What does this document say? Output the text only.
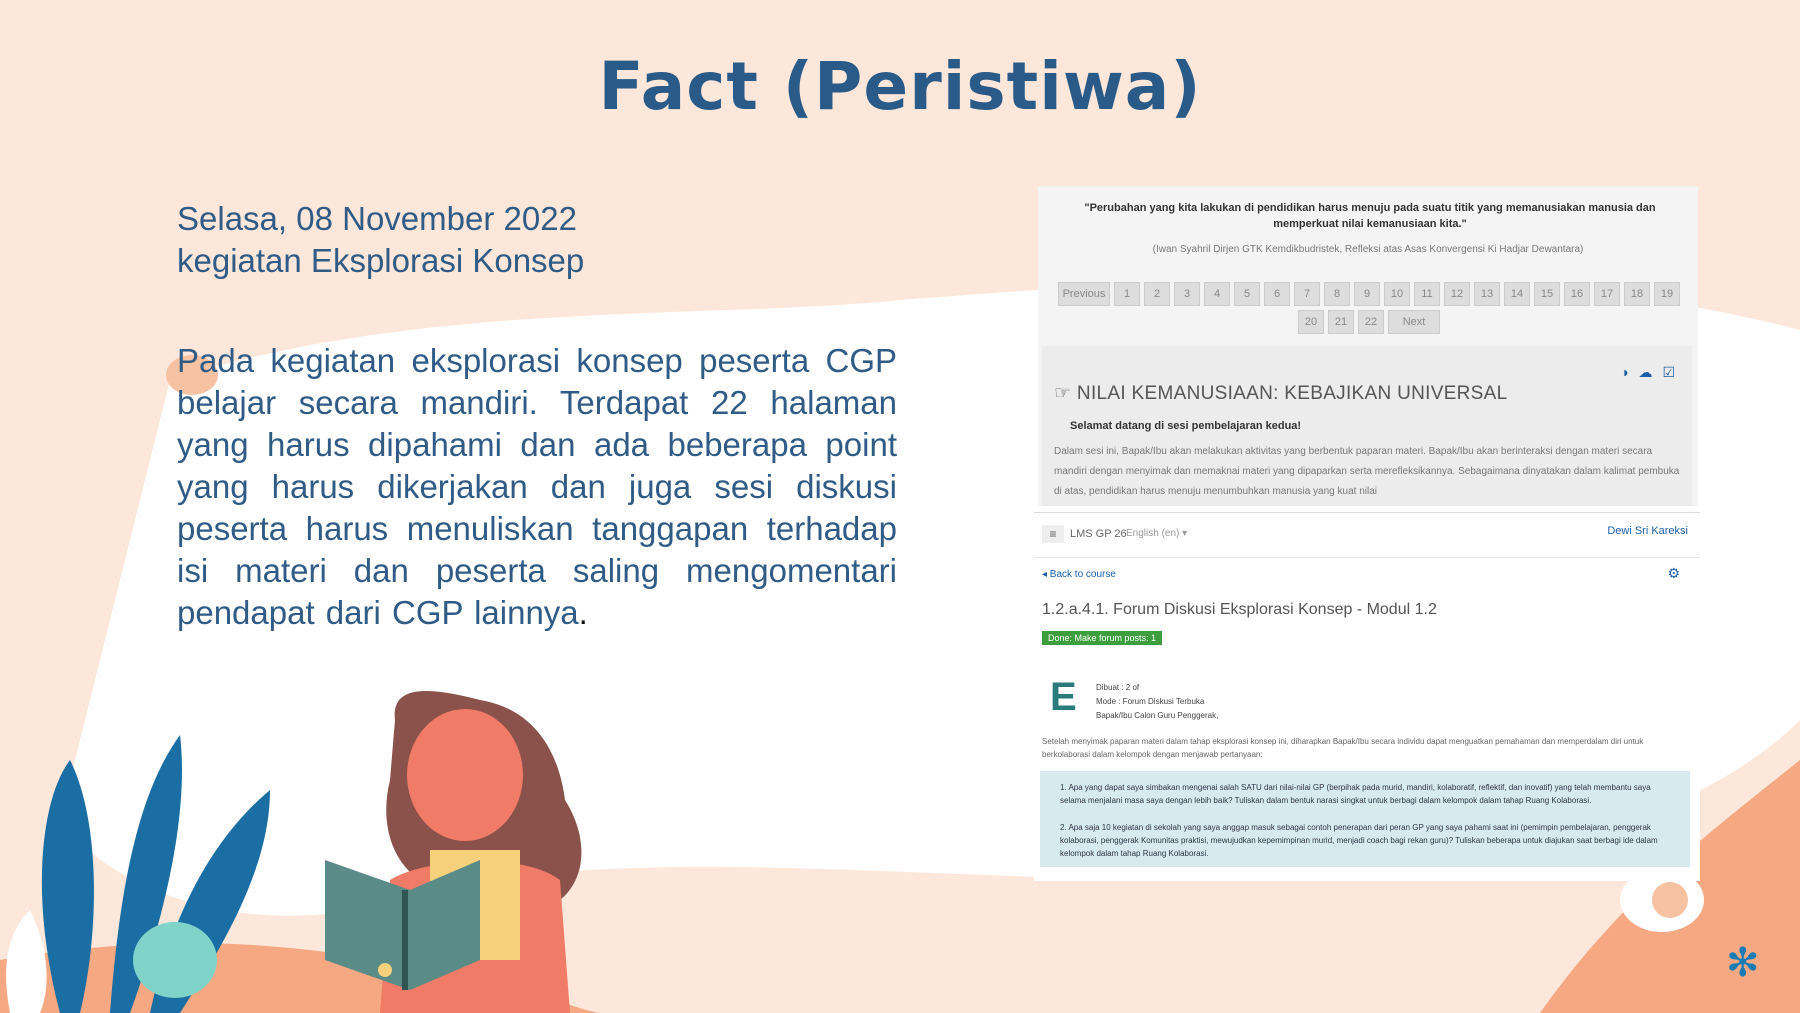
Fact (Peristiwa)
Selasa, 08 November 2022
kegiatan Eksplorasi Konsep
Pada kegiatan eksplorasi konsep peserta CGP belajar secara mandiri. Terdapat 22 halaman yang harus dipahami dan ada beberapa point yang harus dikerjakan dan juga sesi diskusi peserta harus menuliskan tanggapan terhadap isi materi dan peserta saling mengomentari pendapat dari CGP lainnya.
"Perubahan yang kita lakukan di pendidikan harus menuju pada suatu titik yang memanusiakan manusia dan memperkuat nilai kemanusiaan kita."
(Iwan Syahril Dirjen GTK Kemdikbudristek, Refleksi atas Asas Konvergensi Ki Hadjar Dewantara)
Previous	1	2	3	4	5	6	7	8	9	10	11	12	13	14	15	16	17	18	19
20	21	22	Next
◑ ☁ ☑
☞ NILAI KEMANUSIAAN: KEBAJIKAN UNIVERSAL
Selamat datang di sesi pembelajaran kedua!
Dalam sesi ini, Bapak/Ibu akan melakukan aktivitas yang berbentuk paparan materi. Bapak/Ibu akan berinteraksi dengan materi secara mandiri dengan menyimak dan memaknai materi yang dipaparkan serta merefleksikannya. Sebagaimana dinyatakan dalam kalimat pembuka di atas, pendidikan harus menuju menumbuhkan manusia yang kuat nilai
≡	LMS GP 26 English (en) ▾	Dewi Sri Kareksi
◂ Back to course	⚙
1.2.a.4.1. Forum Diskusi Eksplorasi Konsep - Modul 1.2
Done: Make forum posts: 1
E	Dibuat : 2 of
Mode : Forum Diskusi Terbuka
Bapak/Ibu Calon Guru Penggerak,
Setelah menyimak paparan materi dalam tahap eksplorasi konsep ini, diharapkan Bapak/Ibu secara individu dapat menguatkan pemahaman dan memperdalam diri untuk berkolaborasi dalam kelompok dengan menjawab pertanyaan:
1. Apa yang dapat saya simbakan mengenai salah SATU dari nilai-nilai GP (berpihak pada murid, mandiri, kolaboratif, reflektif, dan inovatif) yang telah membantu saya selama menjalani masa saya dengan lebih baik? Tuliskan dalam bentuk narasi singkat untuk berbagi dalam kelompok dalam tahap Ruang Kolaborasi.
2. Apa saja 10 kegiatan di sekolah yang saya anggap masuk sebagai contoh penerapan dari peran GP yang saya pahami saat ini (pemimpin pembelajaran, penggerak kolaborasi, penggerak Komunitas praktisi, mewujudkan kepemimpinan murid, menjadi coach bagi rekan guru)? Tuliskan beberapa untuk diajukan saat berbagi ide dalam kelompok dalam tahap Ruang Kolaborasi.
✻
